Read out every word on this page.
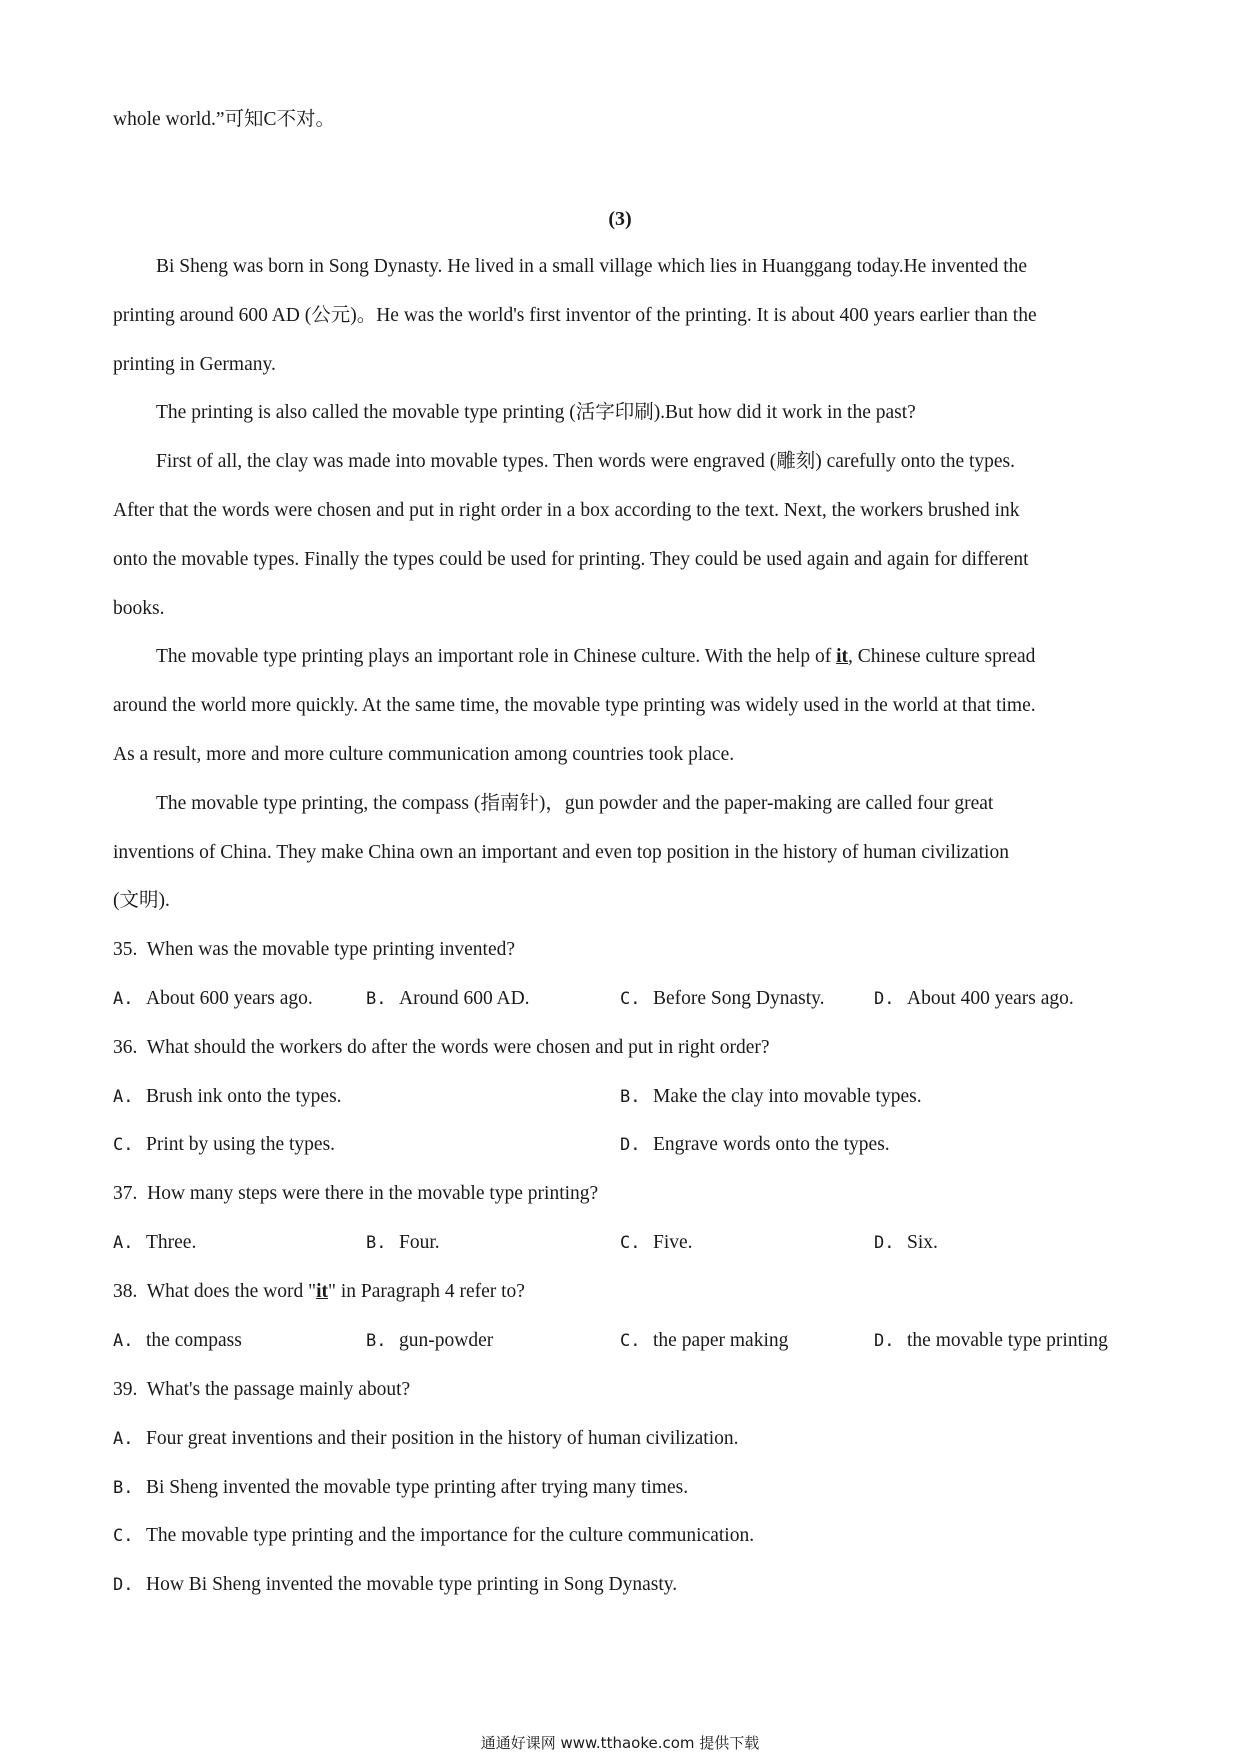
whole world.”可知C不对。
(3)
Bi Sheng was born in Song Dynasty. He lived in a small village which lies in Huanggang today.He invented the
printing around 600 AD (公元)。He was the world's first inventor of the printing. It is about 400 years earlier than the
printing in Germany.
The printing is also called the movable type printing (活字印刷).But how did it work in the past?
First of all, the clay was made into movable types. Then words were engraved (雕刻) carefully onto the types.
After that the words were chosen and put in right order in a box according to the text. Next, the workers brushed ink
onto the movable types. Finally the types could be used for printing. They could be used again and again for different
books.
The movable type printing plays an important role in Chinese culture. With the help of it, Chinese culture spread
around the world more quickly. At the same time, the movable type printing was widely used in the world at that time.
As a result, more and more culture communication among countries took place.
The movable type printing, the compass (指南针)，gun powder and the paper-making are called four great
inventions of China. They make China own an important and even top position in the history of human civilization
(文明).
35. When was the movable type printing invented?
A. About 600 years ago.	B. Around 600 AD.	C. Before Song Dynasty.	D. About 400 years ago.
36. What should the workers do after the words were chosen and put in right order?
A. Brush ink onto the types.	B. Make the clay into movable types.
C. Print by using the types.	D. Engrave words onto the types.
37. How many steps were there in the movable type printing?
A. Three.	B. Four.	C. Five.	D. Six.
38. What does the word "it" in Paragraph 4 refer to?
A. the compass	B. gun-powder	C. the paper making	D. the movable type printing
39. What's the passage mainly about?
A. Four great inventions and their position in the history of human civilization.
B. Bi Sheng invented the movable type printing after trying many times.
C. The movable type printing and the importance for the culture communication.
D. How Bi Sheng invented the movable type printing in Song Dynasty.
通通好课网 www.tthaoke.com 提供下载
